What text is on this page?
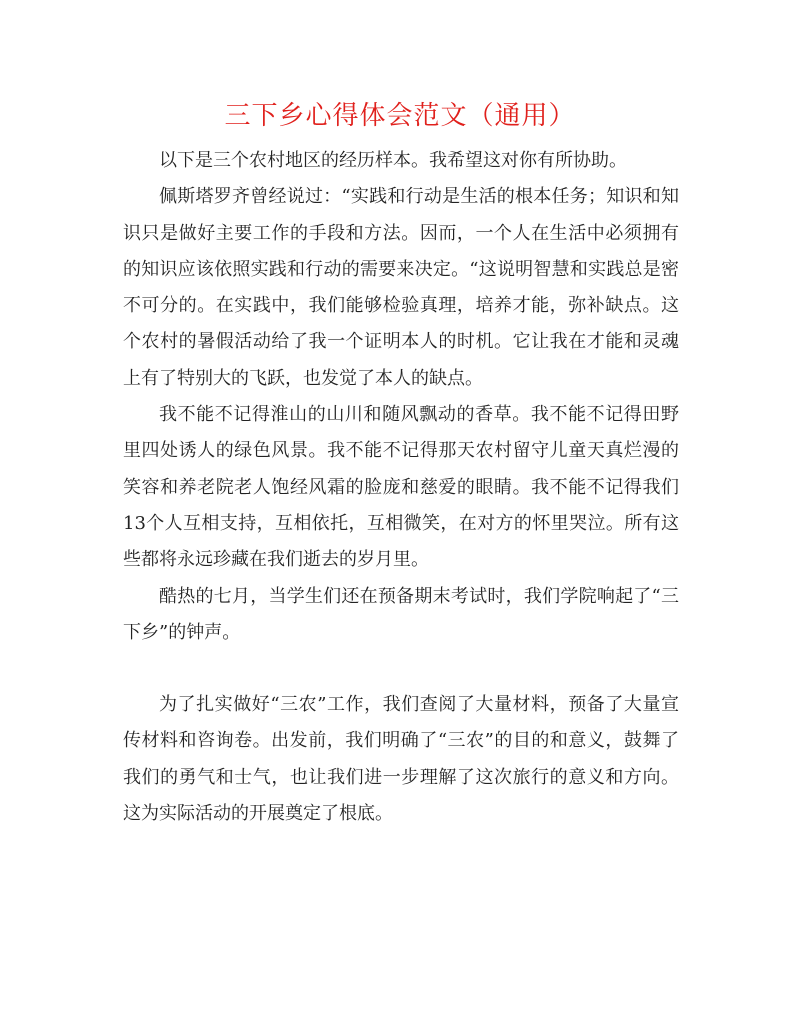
三下乡心得体会范文（通用）

以下是三个农村地区的经历样本。我希望这对你有所协助。

佩斯塔罗齐曾经说过：“实践和行动是生活的根本任务；知识和知识只是做好主要工作的手段和方法。因而，一个人在生活中必须拥有的知识应该依照实践和行动的需要来决定。“这说明智慧和实践总是密不可分的。在实践中，我们能够检验真理，培养才能，弥补缺点。这个农村的暑假活动给了我一个证明本人的时机。它让我在才能和灵魂上有了特别大的飞跃，也发觉了本人的缺点。

我不能不记得淮山的山川和随风飘动的香草。我不能不记得田野里四处诱人的绿色风景。我不能不记得那天农村留守儿童天真烂漫的笑容和养老院老人饱经风霜的脸庞和慈爱的眼睛。我不能不记得我们13个人互相支持，互相依托，互相微笑，在对方的怀里哭泣。所有这些都将永远珍藏在我们逝去的岁月里。

酷热的七月，当学生们还在预备期末考试时，我们学院响起了“三下乡”的钟声。

为了扎实做好“三农”工作，我们查阅了大量材料，预备了大量宣传材料和咨询卷。出发前，我们明确了“三农”的目的和意义，鼓舞了我们的勇气和士气，也让我们进一步理解了这次旅行的意义和方向。这为实际活动的开展奠定了根底。
